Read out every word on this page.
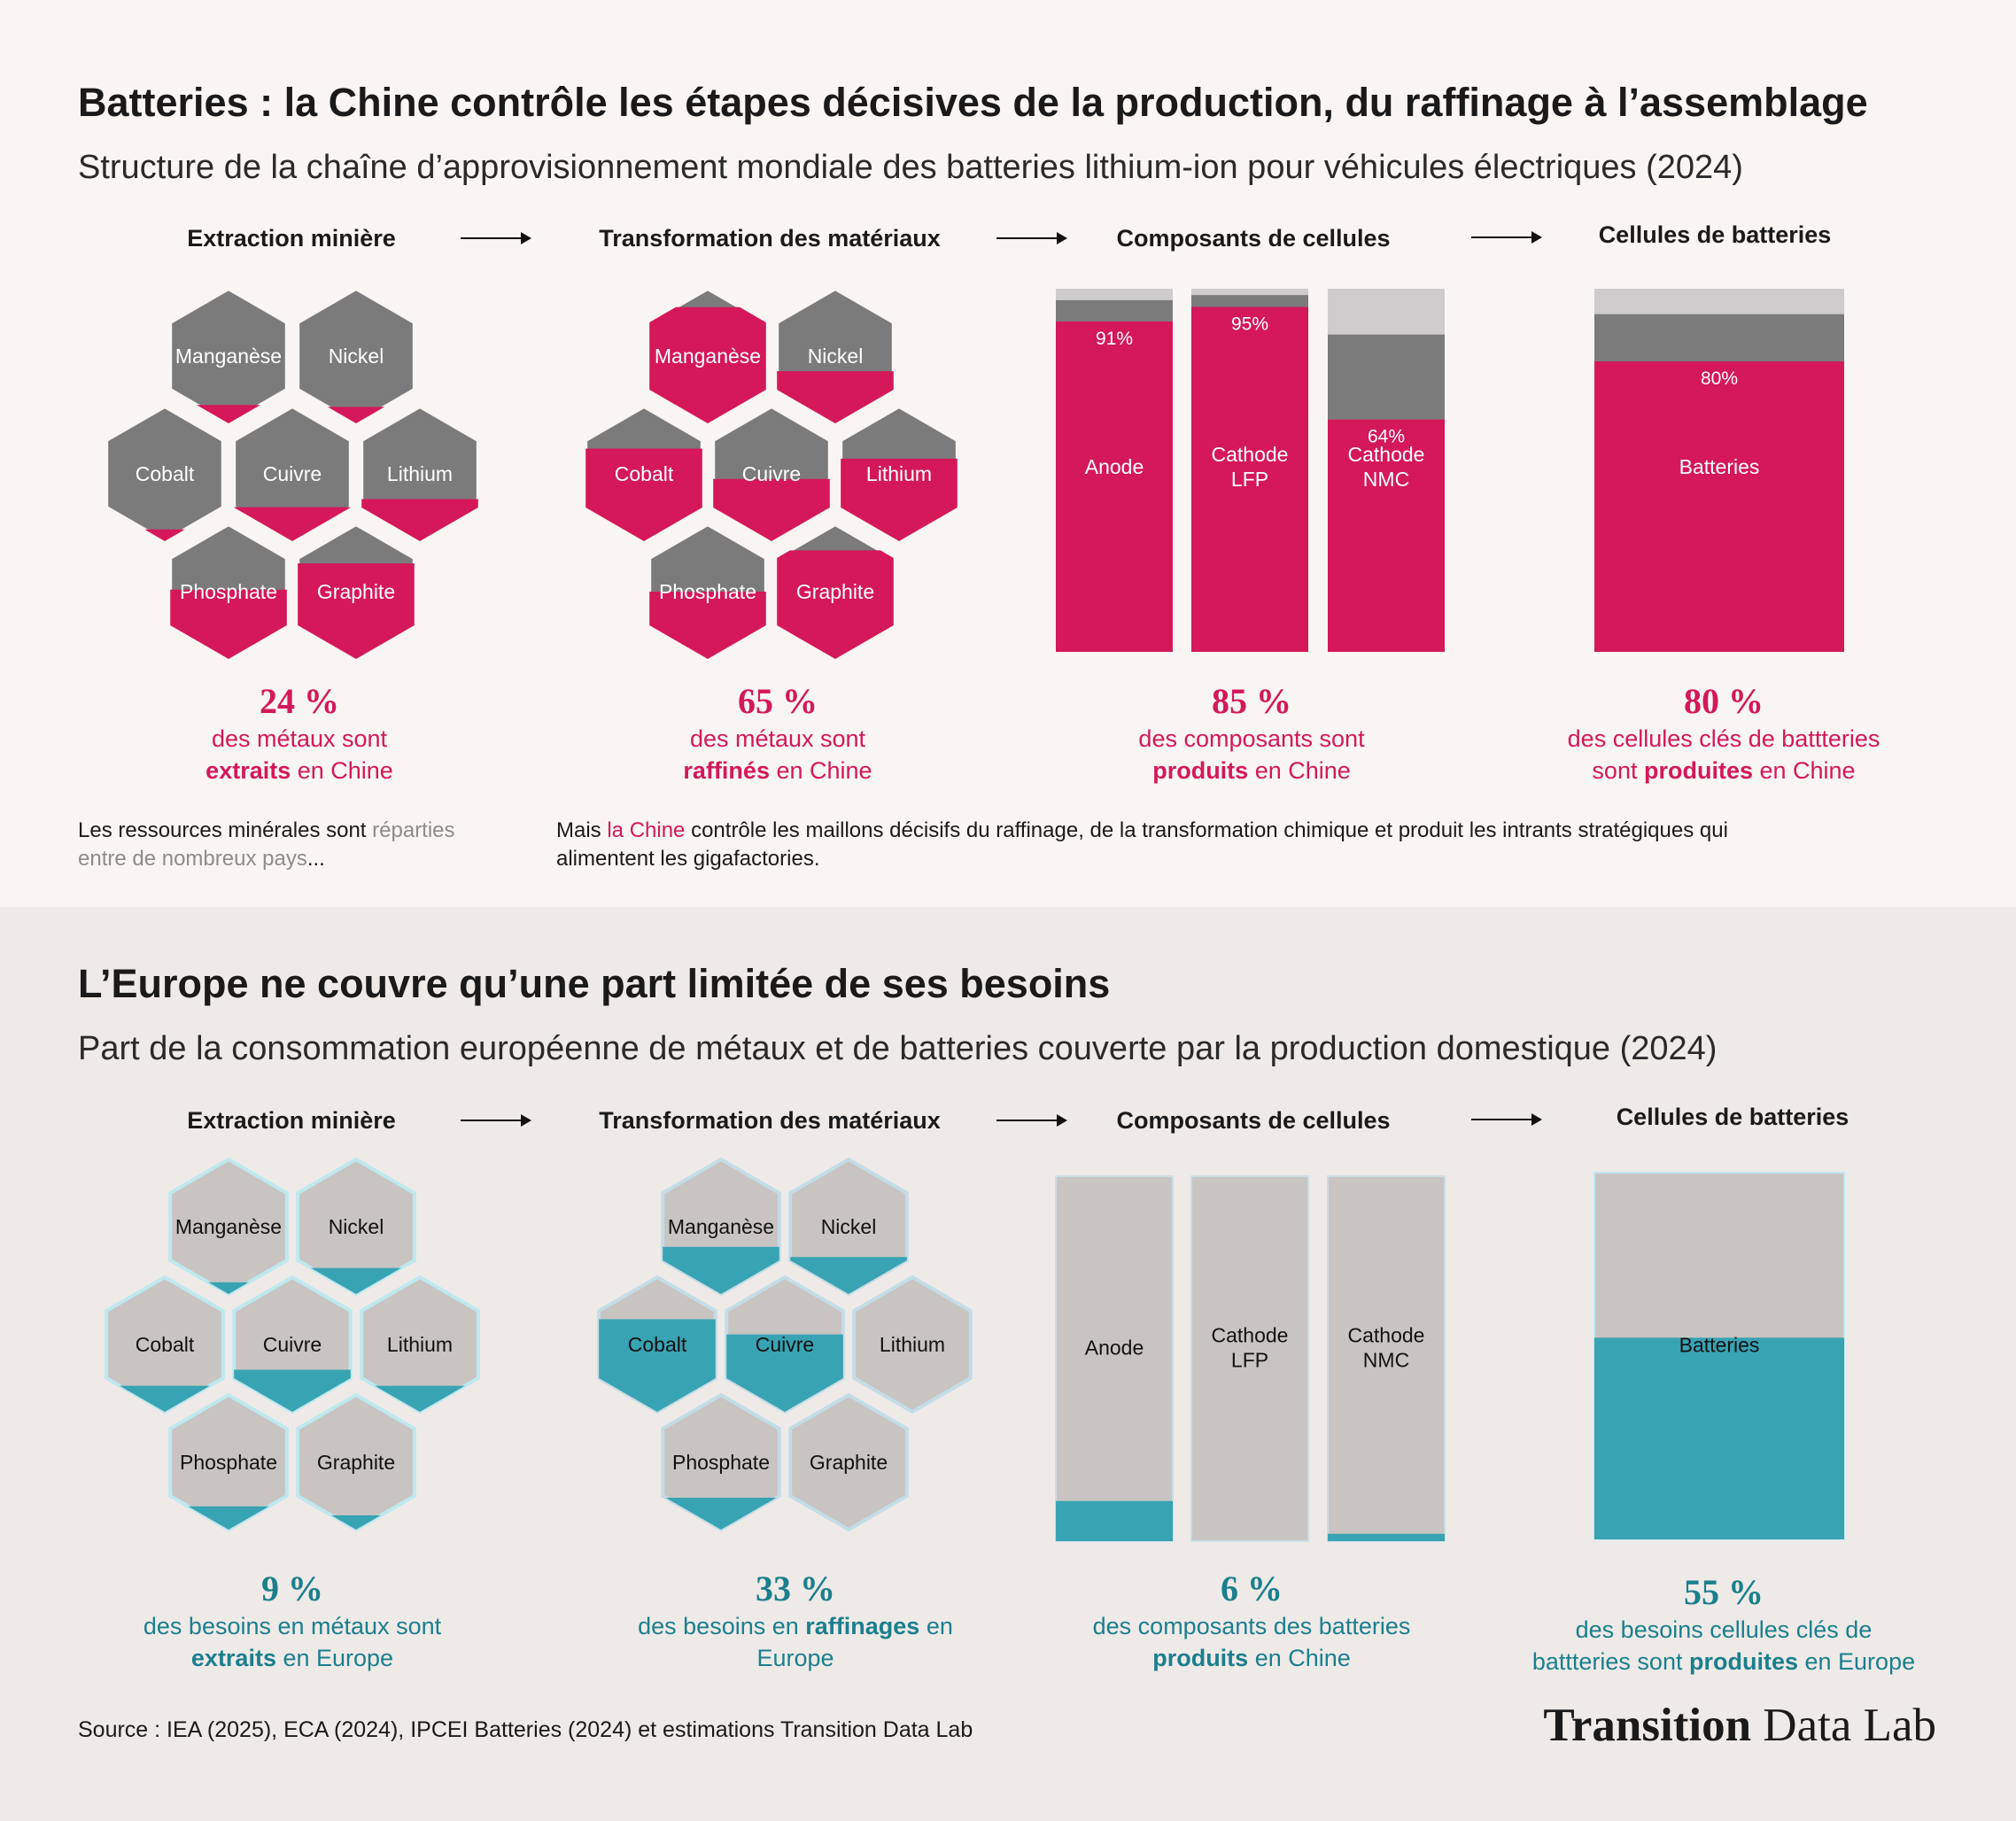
Batteries : la Chine contrôle les étapes décisives de la production, du raffinage à l’assemblage
Structure de la chaîne d’approvisionnement mondiale des batteries lithium-ion pour véhicules électriques (2024)
Extraction minière	Transformation des matériaux	Composants de cellules	Cellules de batteries
Manganèse Nickel
Cobalt	Cuivre	Lithium
Phosphate Graphite
Manganèse Nickel
Cobalt	Cuivre	Lithium
Phosphate Graphite
Manganèse Nickel
Cobalt	Cuivre	Lithium
Phosphate Graphite
Manganèse Nickel
Cobalt	Cuivre	Lithium
Phosphate Graphite
Anode
91%
Cathode
LFP
95%
Cathode
NMC
64%
Batteries
80%
Anode
Cathode
LFP
Cathode
NMC
Batteries
24 %
des métaux sont
extraits en Chine
65 %
des métaux sont
raffinés en Chine
85 %
des composants sont
produits en Chine
80 %
des cellules clés de battteries
sont produites en Chine
Les ressources minérales sont réparties
entre de nombreux pays...
Mais la Chine contrôle les maillons décisifs du raffinage, de la transformation chimique et produit les intrants stratégiques qui
alimentent les gigafactories.
L’Europe ne couvre qu’une part limitée de ses besoins
Part de la consommation européenne de métaux et de batteries couverte par la production domestique (2024)
Extraction minière	Transformation des matériaux	Composants de cellules	Cellules de batteries
9 %
des besoins en métaux sont
extraits en Europe
33 %
des besoins en raffinages en
Europe
6 %
des composants des batteries
produits en Chine
55 %
des besoins cellules clés de
battteries sont produites en Europe
Source : IEA (2025), ECA (2024), IPCEI Batteries (2024) et estimations Transition Data Lab	Transition Data Lab
